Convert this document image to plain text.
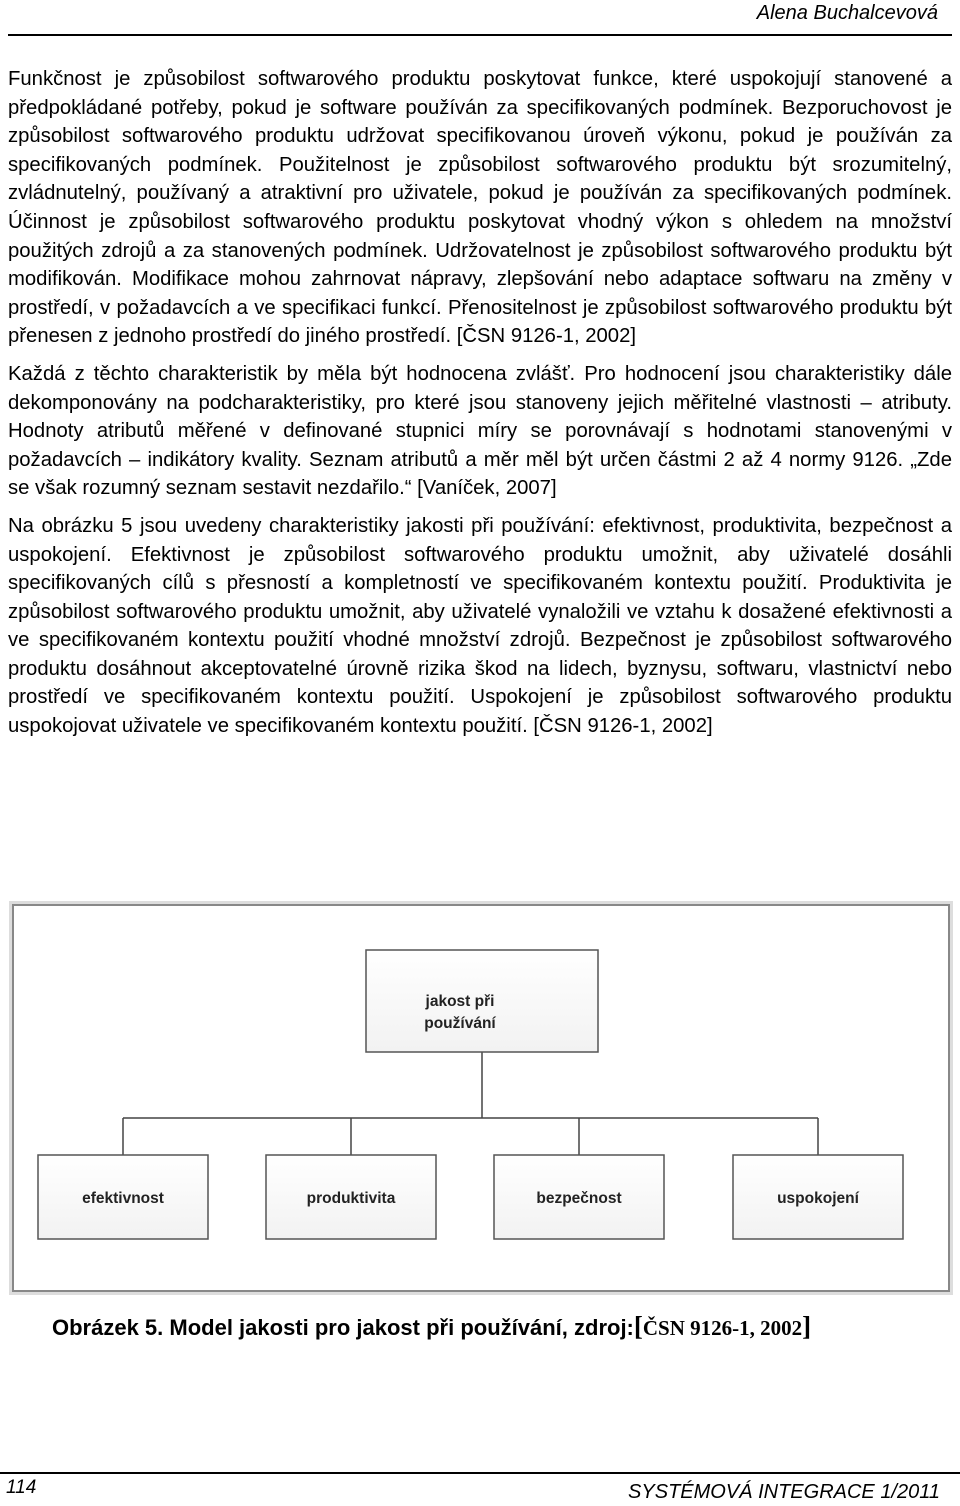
Alena Buchalcevová

Funkčnost je způsobilost softwarového produktu poskytovat funkce, které uspokojují stanovené a předpokládané potřeby, pokud je software používán za specifikovaných podmínek. Bezporuchovost je způsobilost softwarového produktu udržovat specifikovanou úroveň výkonu, pokud je používán za specifikovaných podmínek. Použitelnost je způsobilost softwarového produktu být srozumitelný, zvládnutelný, používaný a atraktivní pro uživatele, pokud je používán za specifikovaných podmínek. Účinnost je způsobilost softwarového produktu poskytovat vhodný výkon s ohledem na množství použitých zdrojů a za stanovených podmínek. Udržovatelnost je způsobilost softwarového produktu být modifikován. Modifikace mohou zahrnovat nápravy, zlepšování nebo adaptace softwaru na změny v prostředí, v požadavcích a ve specifikaci funkcí. Přenositelnost je způsobilost softwarového produktu být přenesen z jednoho prostředí do jiného prostředí. [ČSN 9126-1, 2002]

Každá z těchto charakteristik by měla být hodnocena zvlášť. Pro hodnocení jsou charakteristiky dále dekomponovány na podcharakteristiky, pro které jsou stanoveny jejich měřitelné vlastnosti – atributy. Hodnoty atributů měřené v definované stupnici míry se porovnávají s hodnotami stanovenými v požadavcích – indikátory kvality. Seznam atributů a měr měl být určen částmi 2 až 4 normy 9126. „Zde se však rozumný seznam sestavit nezdařilo.“ [Vaníček, 2007]

Na obrázku 5 jsou uvedeny charakteristiky jakosti při používání: efektivnost, produktivita, bezpečnost a uspokojení. Efektivnost je způsobilost softwarového produktu umožnit, aby uživatelé dosáhli specifikovaných cílů s přesností a kompletností ve specifikovaném kontextu použití. Produktivita je způsobilost softwarového produktu umožnit, aby uživatelé vynaložili ve vztahu k dosažené efektivnosti a ve specifikovaném kontextu použití vhodné množství zdrojů. Bezpečnost je způsobilost softwarového produktu dosáhnout akceptovatelné úrovně rizika škod na lidech, byznysu, softwaru, vlastnictví nebo prostředí ve specifikovaném kontextu použití. Uspokojení je způsobilost softwarového produktu uspokojovat uživatele ve specifikovaném kontextu použití. [ČSN 9126-1, 2002]

jakost při
používání
efektivnost	produktivita	bezpečnost	uspokojení
Obrázek 5. Model jakosti pro jakost při používání, zdroj:[ČSN 9126-1, 2002]
114	SYSTÉMOVÁ INTEGRACE 1/2011
